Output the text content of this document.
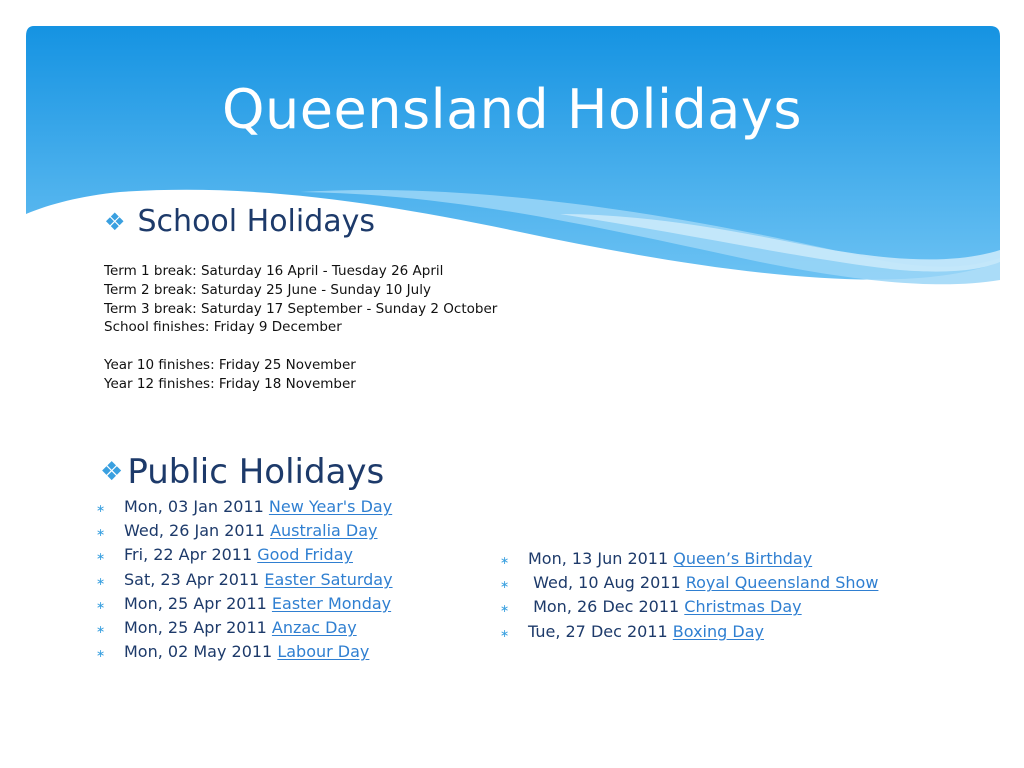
Queensland Holidays
❖ School Holidays
Term 1 break: Saturday 16 April - Tuesday 26 April
Term 2 break: Saturday 25 June - Sunday 10 July
Term 3 break: Saturday 17 September - Sunday 2 October
School finishes: Friday 9 December
Year 10 finishes: Friday 25 November
Year 12 finishes: Friday 18 November
❖ Public Holidays
∗	Mon, 03 Jan 2011 New Year's Day
∗	Wed, 26 Jan 2011 Australia Day
∗	Fri, 22 Apr 2011 Good Friday
∗	Sat, 23 Apr 2011 Easter Saturday
∗	Mon, 25 Apr 2011 Easter Monday
∗	Mon, 25 Apr 2011 Anzac Day
∗	Mon, 02 May 2011 Labour Day
∗	Mon, 13 Jun 2011 Queen’s Birthday
∗	Wed, 10 Aug 2011 Royal Queensland Show
∗	Mon, 26 Dec 2011 Christmas Day
∗	Tue, 27 Dec 2011 Boxing Day
